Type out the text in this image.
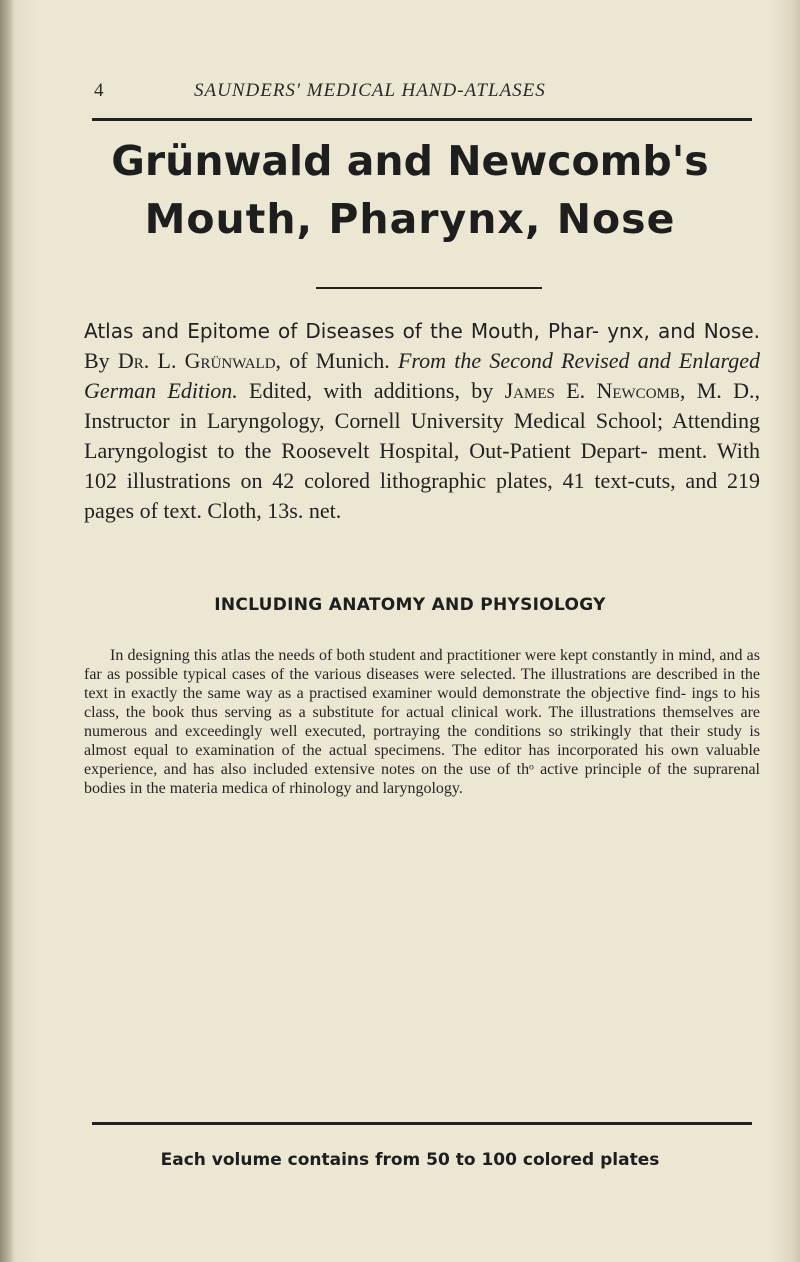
4	SAUNDERS' MEDICAL HAND-ATLASES
Grünwald and Newcomb's
Mouth, Pharynx, Nose
Atlas and Epitome of Diseases of the Mouth, Phar- ynx, and Nose. By Dr. L. Grünwald, of Munich. From the Second Revised and Enlarged German Edition. Edited, with additions, by James E. Newcomb, M. D., Instructor in Laryngology, Cornell University Medical School; Attending Laryngologist to the Roosevelt Hospital, Out-Patient Depart- ment. With 102 illustrations on 42 colored lithographic plates, 41 text-cuts, and 219 pages of text. Cloth, 13s. net.
INCLUDING ANATOMY AND PHYSIOLOGY
In designing this atlas the needs of both student and practitioner were kept constantly in mind, and as far as possible typical cases of the various diseases were selected. The illustrations are described in the text in exactly the same way as a practised examiner would demonstrate the objective find- ings to his class, the book thus serving as a substitute for actual clinical work. The illustrations themselves are numerous and exceedingly well executed, portraying the conditions so strikingly that their study is almost equal to examination of the actual specimens. The editor has incorporated his own valuable experience, and has also included extensive notes on the use of thᵒ active principle of the suprarenal bodies in the materia medica of rhinology and laryngology.
Each volume contains from 50 to 100 colored plates
